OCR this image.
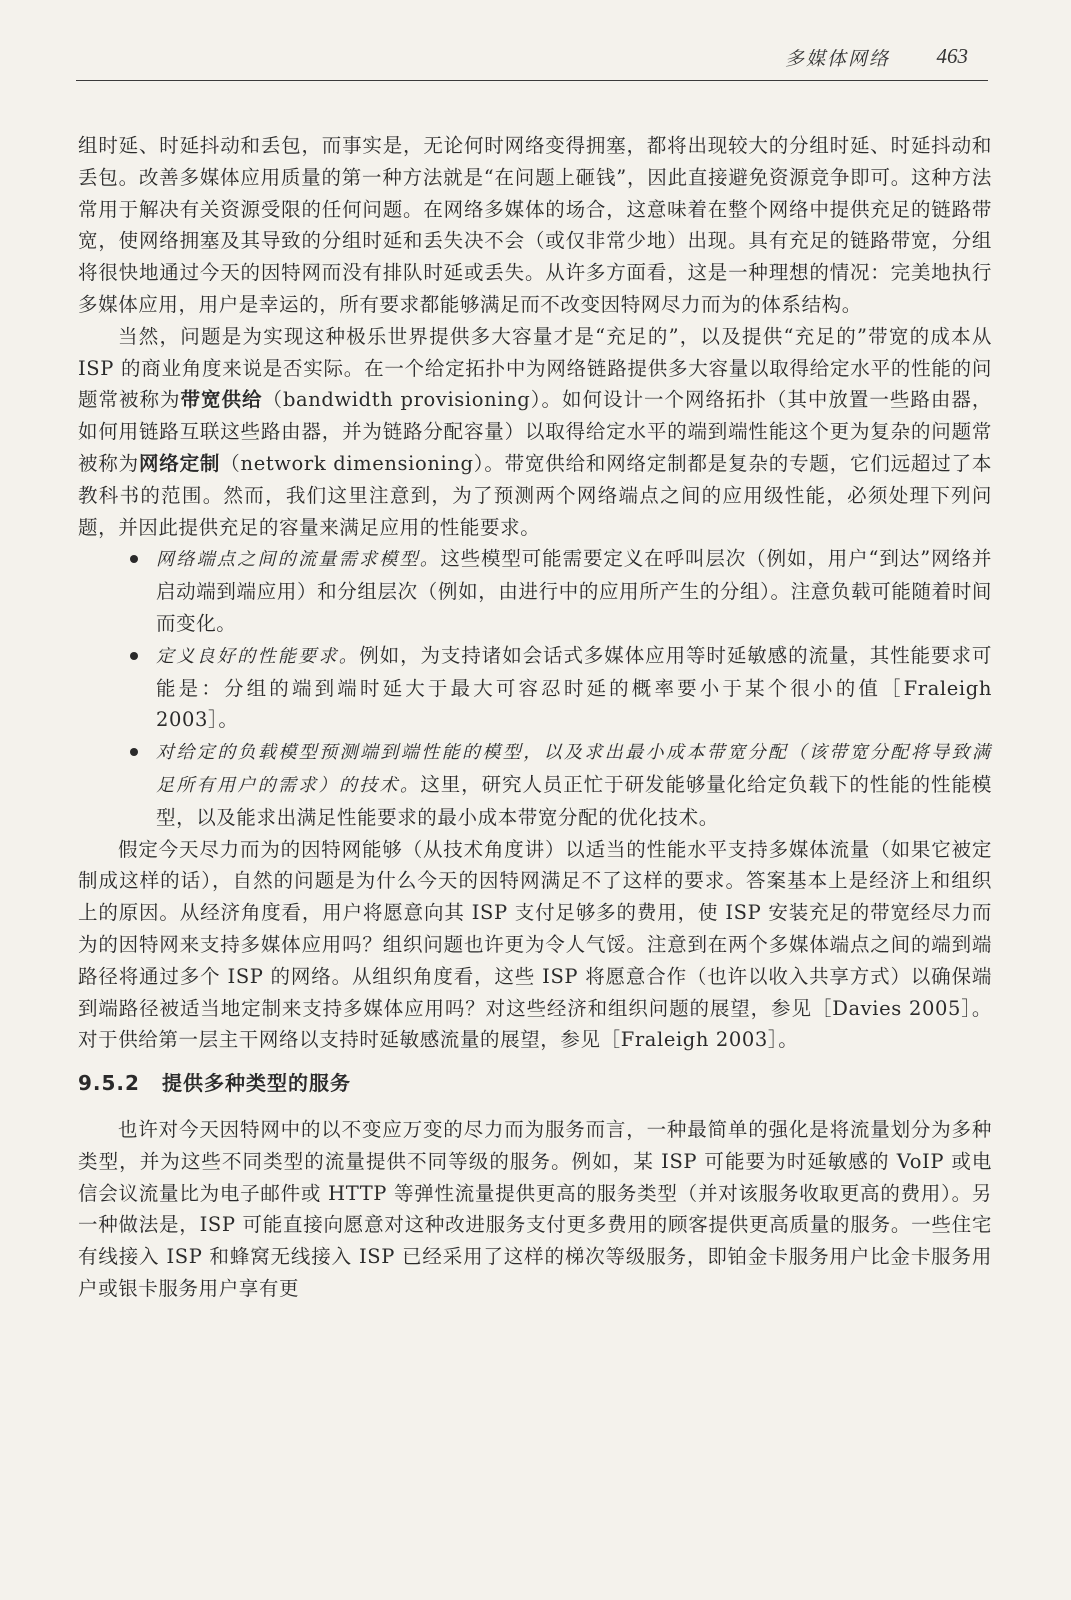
多媒体网络 463

组时延、时延抖动和丢包，而事实是，无论何时网络变得拥塞，都将出现较大的分组时延、时延抖动和丢包。改善多媒体应用质量的第一种方法就是“在问题上砸钱”，因此直接避免资源竞争即可。这种方法常用于解决有关资源受限的任何问题。在网络多媒体的场合，这意味着在整个网络中提供充足的链路带宽，使网络拥塞及其导致的分组时延和丢失决不会（或仅非常少地）出现。具有充足的链路带宽，分组将很快地通过今天的因特网而没有排队时延或丢失。从许多方面看，这是一种理想的情况：完美地执行多媒体应用，用户是幸运的，所有要求都能够满足而不改变因特网尽力而为的体系结构。

当然，问题是为实现这种极乐世界提供多大容量才是“充足的”，以及提供“充足的”带宽的成本从 ISP 的商业角度来说是否实际。在一个给定拓扑中为网络链路提供多大容量以取得给定水平的性能的问题常被称为带宽供给（bandwidth provisioning）。如何设计一个网络拓扑（其中放置一些路由器，如何用链路互联这些路由器，并为链路分配容量）以取得给定水平的端到端性能这个更为复杂的问题常被称为网络定制（network dimensioning）。带宽供给和网络定制都是复杂的专题，它们远超过了本教科书的范围。然而，我们这里注意到，为了预测两个网络端点之间的应用级性能，必须处理下列问题，并因此提供充足的容量来满足应用的性能要求。

网络端点之间的流量需求模型。这些模型可能需要定义在呼叫层次（例如，用户“到达”网络并启动端到端应用）和分组层次（例如，由进行中的应用所产生的分组）。注意负载可能随着时间而变化。
定义良好的性能要求。例如，为支持诸如会话式多媒体应用等时延敏感的流量，其性能要求可能是：分组的端到端时延大于最大可容忍时延的概率要小于某个很小的值［Fraleigh 2003］。
对给定的负载模型预测端到端性能的模型，以及求出最小成本带宽分配（该带宽分配将导致满足所有用户的需求）的技术。这里，研究人员正忙于研发能够量化给定负载下的性能的性能模型，以及能求出满足性能要求的最小成本带宽分配的优化技术。

假定今天尽力而为的因特网能够（从技术角度讲）以适当的性能水平支持多媒体流量（如果它被定制成这样的话），自然的问题是为什么今天的因特网满足不了这样的要求。答案基本上是经济上和组织上的原因。从经济角度看，用户将愿意向其 ISP 支付足够多的费用，使 ISP 安装充足的带宽经尽力而为的因特网来支持多媒体应用吗？组织问题也许更为令人气馁。注意到在两个多媒体端点之间的端到端路径将通过多个 ISP 的网络。从组织角度看，这些 ISP 将愿意合作（也许以收入共享方式）以确保端到端路径被适当地定制来支持多媒体应用吗？对这些经济和组织问题的展望，参见［Davies 2005］。对于供给第一层主干网络以支持时延敏感流量的展望，参见［Fraleigh 2003］。

9.5.2 提供多种类型的服务

也许对今天因特网中的以不变应万变的尽力而为服务而言，一种最简单的强化是将流量划分为多种类型，并为这些不同类型的流量提供不同等级的服务。例如，某 ISP 可能要为时延敏感的 VoIP 或电信会议流量比为电子邮件或 HTTP 等弹性流量提供更高的服务类型（并对该服务收取更高的费用）。另一种做法是，ISP 可能直接向愿意对这种改进服务支付更多费用的顾客提供更高质量的服务。一些住宅有线接入 ISP 和蜂窝无线接入 ISP 已经采用了这样的梯次等级服务，即铂金卡服务用户比金卡服务用户或银卡服务用户享有更
